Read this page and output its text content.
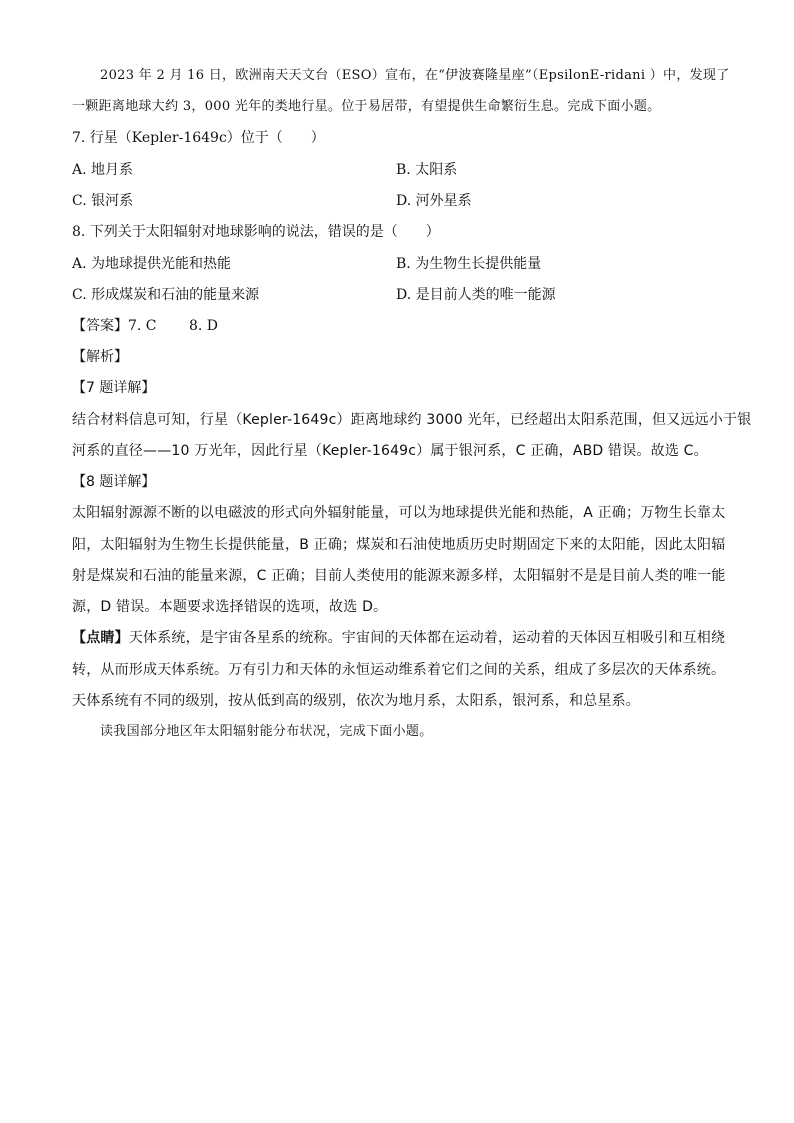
2023 年 2 月 16 日，欧洲南天天文台（ESO）宣布，在“伊波赛隆星座”（EpsilonE-ridani ）中，发现了
一颗距离地球大约 3，000 光年的类地行星。位于易居带，有望提供生命繁衍生息。完成下面小题。
7. 行星（Kepler-1649c）位于（　　）
A. 地月系	B. 太阳系
C. 银河系	D. 河外星系
8. 下列关于太阳辐射对地球影响的说法，错误的是（　　）
A. 为地球提供光能和热能	B. 为生物生长提供能量
C. 形成煤炭和石油的能量来源	D. 是目前人类的唯一能源
【答案】7. C　　 8. D
【解析】
【7 题详解】
结合材料信息可知，行星（Kepler-1649c）距离地球约 3000 光年，已经超出太阳系范围，但又远远小于银
河系的直径——10 万光年，因此行星（Kepler-1649c）属于银河系，C 正确，ABD 错误。故选 C。
【8 题详解】
太阳辐射源源不断的以电磁波的形式向外辐射能量，可以为地球提供光能和热能，A 正确；万物生长靠太
阳，太阳辐射为生物生长提供能量，B 正确；煤炭和石油使地质历史时期固定下来的太阳能，因此太阳辐
射是煤炭和石油的能量来源，C 正确；目前人类使用的能源来源多样，太阳辐射不是是目前人类的唯一能
源，D 错误。本题要求选择错误的选项，故选 D。
【点睛】天体系统，是宇宙各星系的统称。宇宙间的天体都在运动着，运动着的天体因互相吸引和互相绕
转，从而形成天体系统。万有引力和天体的永恒运动维系着它们之间的关系，组成了多层次的天体系统。
天体系统有不同的级别，按从低到高的级别，依次为地月系，太阳系，银河系，和总星系。
读我国部分地区年太阳辐射能分布状况，完成下面小题。
